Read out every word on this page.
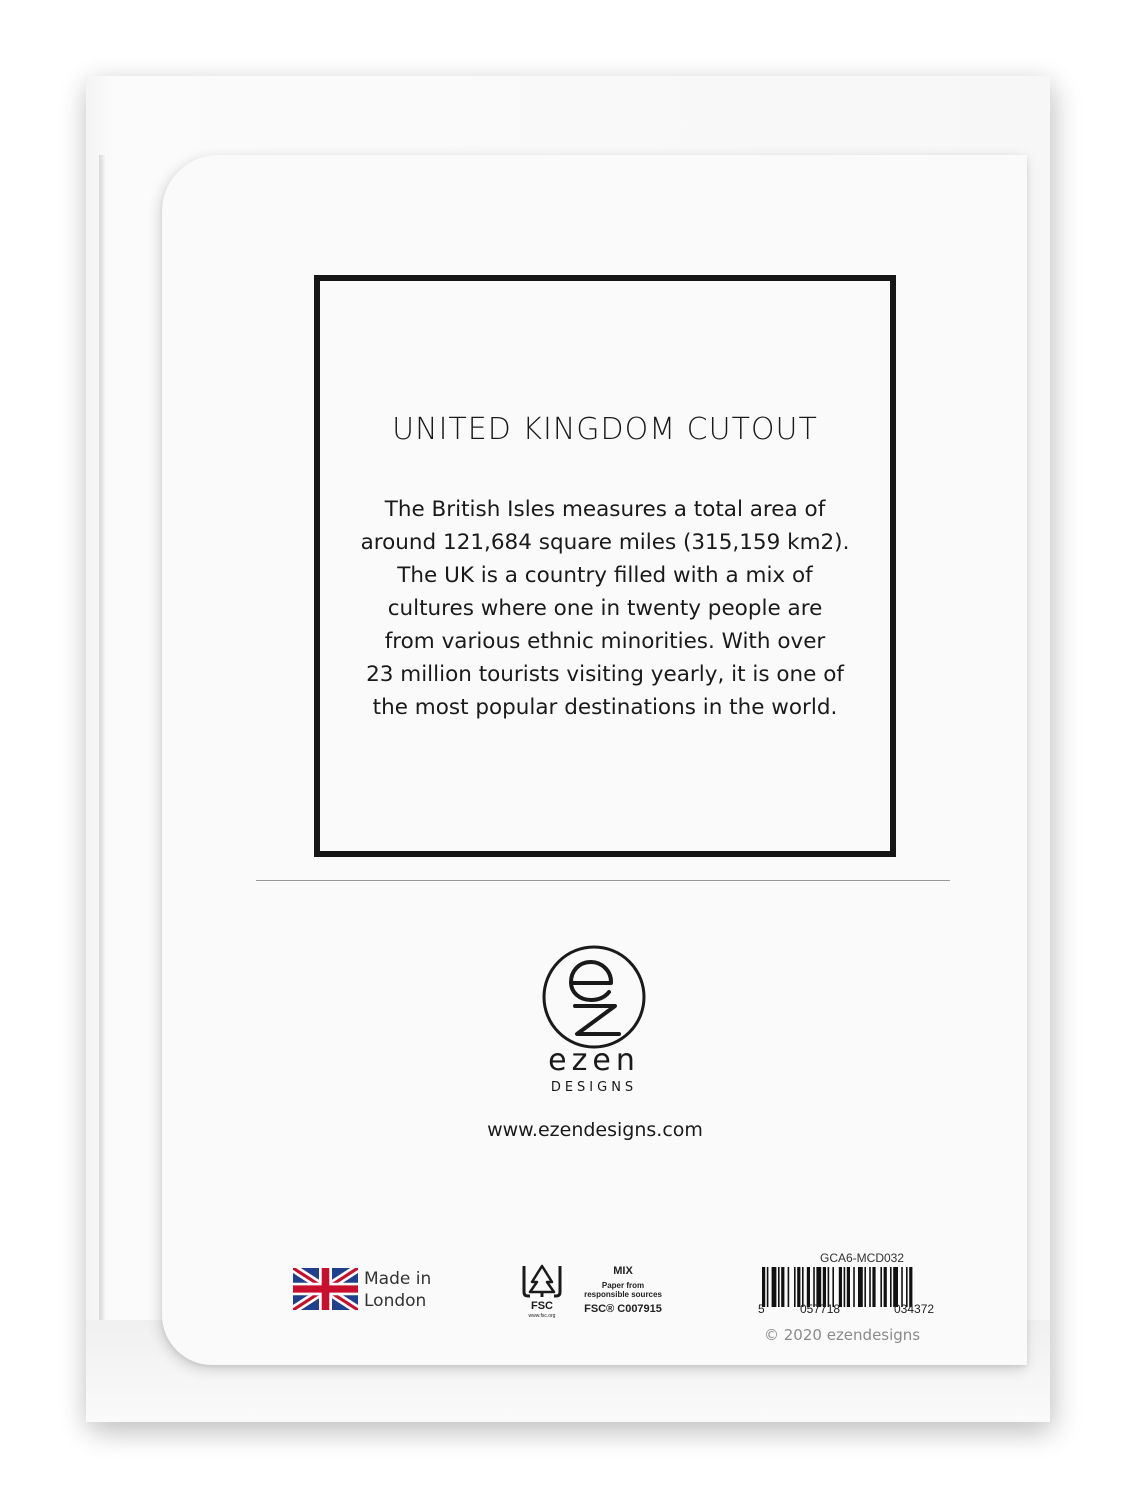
UNITED KINGDOM CUTOUT
The British Isles measures a total area of
around 121,684 square miles (315,159 km2).
The UK is a country filled with a mix of
cultures where one in twenty people are
from various ethnic minorities. With over
23 million tourists visiting yearly, it is one of
the most popular destinations in the world.
ezen
DESIGNS
www.ezendesigns.com
Made in
London	FSC
www.fsc.org
MIX
Paper from
responsible sources
FSC® C007915
GCA6-MCD032
5	057718	034372
© 2020 ezendesigns
